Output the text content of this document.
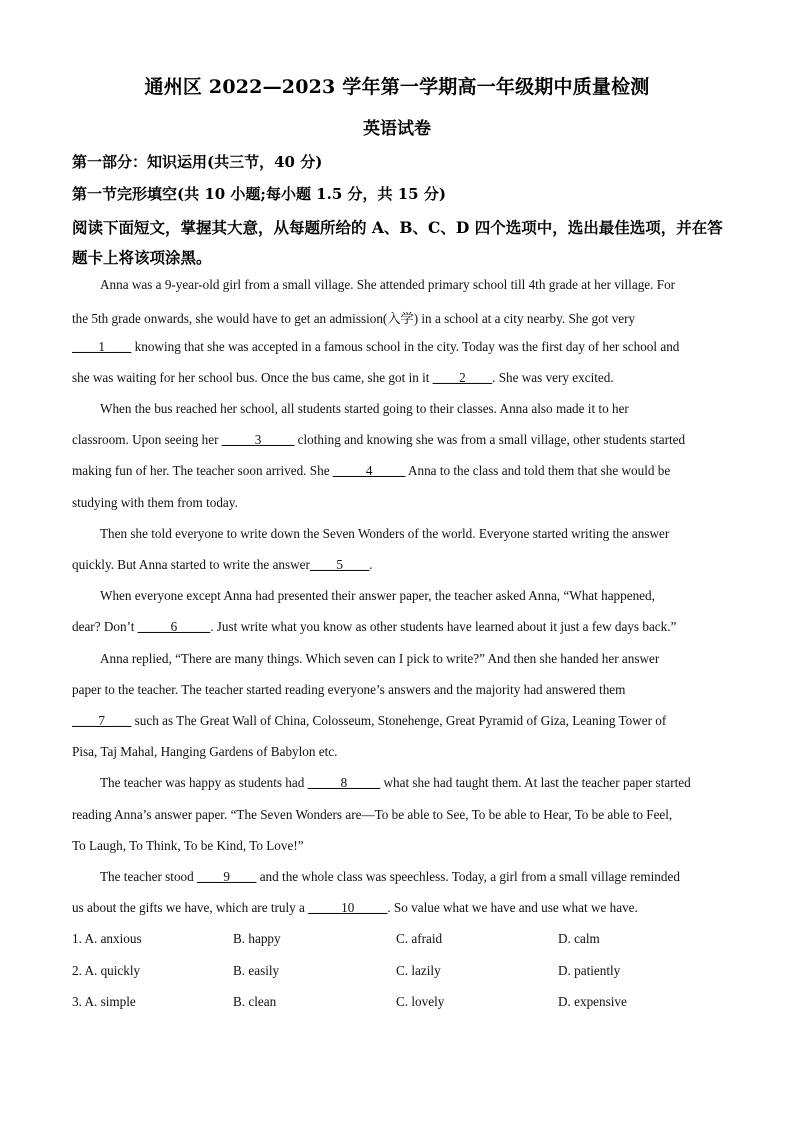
通州区 2022—2023 学年第一学期高一年级期中质量检测
英语试卷
第一部分：知识运用(共三节，40 分)
第一节完形填空(共 10 小题;每小题 1.5 分，共 15 分)
阅读下面短文，掌握其大意，从每题所给的 A、B、C、D 四个选项中，选出最佳选项，并在答题卡上将该项涂黑。
Anna was a 9-year-old girl from a small village. She attended primary school till 4th grade at her village. For
the 5th grade onwards, she would have to get an admission(入学) in a school at a city nearby. She got very
____1____ knowing that she was accepted in a famous school in the city. Today was the first day of her school and
she was waiting for her school bus. Once the bus came, she got in it ____2____. She was very excited.
When the bus reached her school, all students started going to their classes. Anna also made it to her
classroom. Upon seeing her _____3_____ clothing and knowing she was from a small village, other students started
making fun of her. The teacher soon arrived. She _____4_____ Anna to the class and told them that she would be
studying with them from today.
Then she told everyone to write down the Seven Wonders of the world. Everyone started writing the answer
quickly. But Anna started to write the answer____5____.
When everyone except Anna had presented their answer paper, the teacher asked Anna, “What happened,
dear? Don’t _____6_____. Just write what you know as other students have learned about it just a few days back.”
Anna replied, “There are many things. Which seven can I pick to write?” And then she handed her answer
paper to the teacher. The teacher started reading everyone’s answers and the majority had answered them
____7____ such as The Great Wall of China, Colosseum, Stonehenge, Great Pyramid of Giza, Leaning Tower of
Pisa, Taj Mahal, Hanging Gardens of Babylon etc.
The teacher was happy as students had _____8_____ what she had taught them. At last the teacher paper started
reading Anna’s answer paper. “The Seven Wonders are—To be able to See, To be able to Hear, To be able to Feel,
To Laugh, To Think, To be Kind, To Love!”
The teacher stood ____9____ and the whole class was speechless. Today, a girl from a small village reminded
us about the gifts we have, which are truly a _____10_____. So value what we have and use what we have.
1. A. anxious	B. happy	C. afraid	D. calm
2. A. quickly	B. easily	C. lazily	D. patiently
3. A. simple	B. clean	C. lovely	D. expensive
